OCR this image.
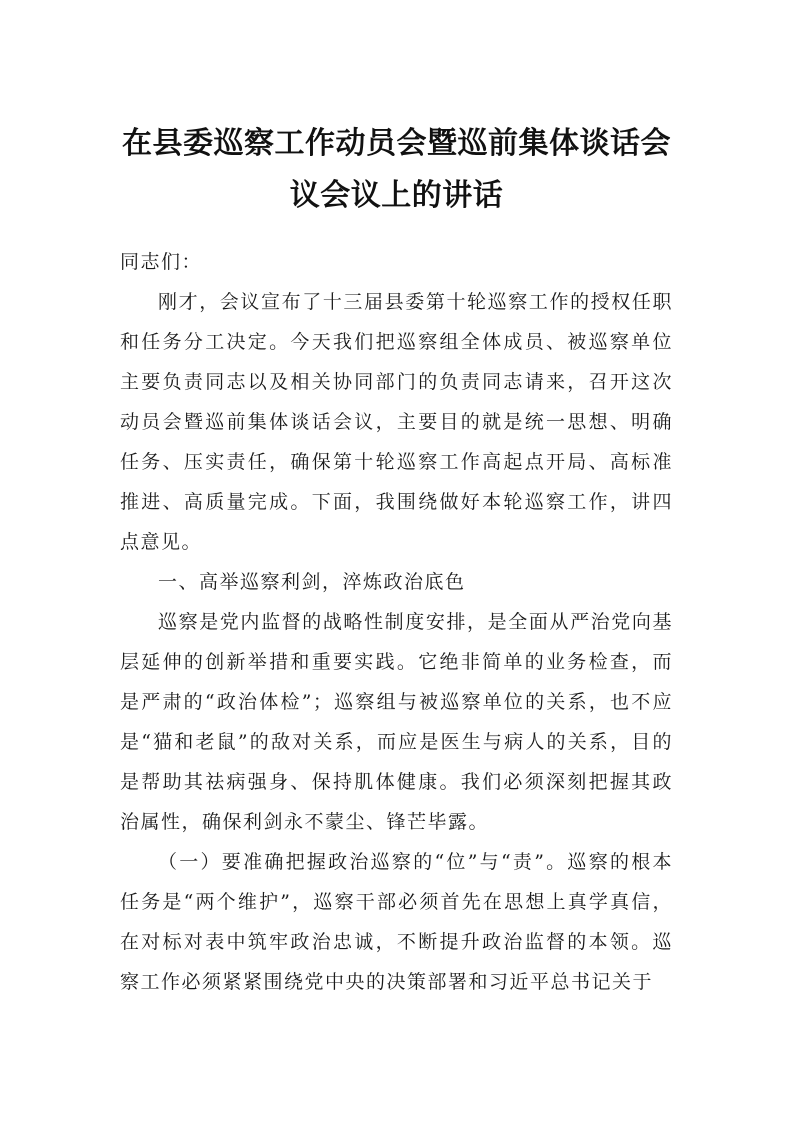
在县委巡察工作动员会暨巡前集体谈话会
议会议上的讲话

同志们：

刚才，会议宣布了十三届县委第十轮巡察工作的授权任职和任务分工决定。今天我们把巡察组全体成员、被巡察单位主要负责同志以及相关协同部门的负责同志请来，召开这次动员会暨巡前集体谈话会议，主要目的就是统一思想、明确任务、压实责任，确保第十轮巡察工作高起点开局、高标准推进、高质量完成。下面，我围绕做好本轮巡察工作，讲四点意见。

一、高举巡察利剑，淬炼政治底色

巡察是党内监督的战略性制度安排，是全面从严治党向基层延伸的创新举措和重要实践。它绝非简单的业务检查，而是严肃的“政治体检”；巡察组与被巡察单位的关系，也不应是“猫和老鼠”的敌对关系，而应是医生与病人的关系，目的是帮助其祛病强身、保持肌体健康。我们必须深刻把握其政治属性，确保利剑永不蒙尘、锋芒毕露。

（一）要准确把握政治巡察的“位”与“责”。巡察的根本任务是“两个维护”，巡察干部必须首先在思想上真学真信，在对标对表中筑牢政治忠诚，不断提升政治监督的本领。巡察工作必须紧紧围绕党中央的决策部署和习近平总书记关于
